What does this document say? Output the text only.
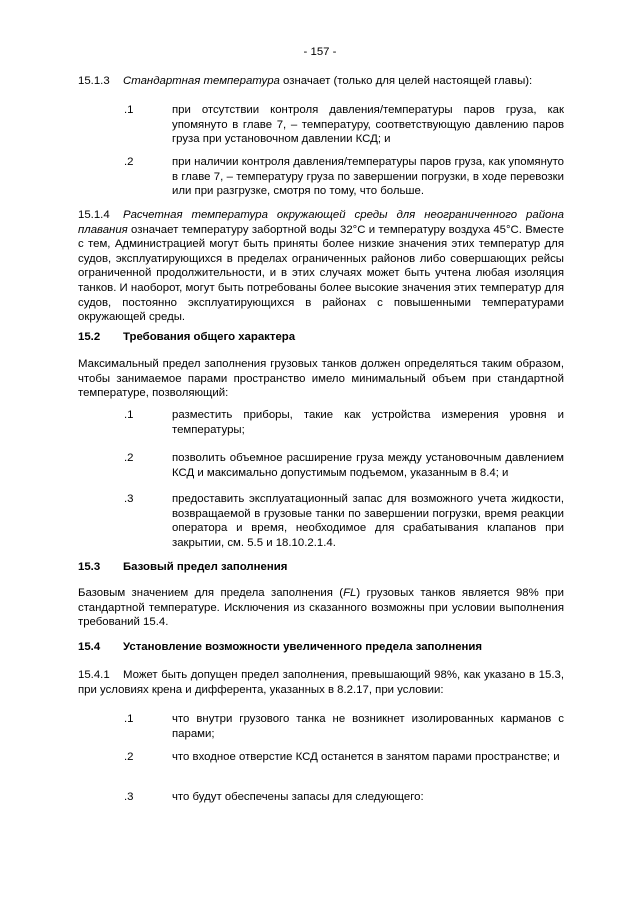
- 157 -
15.1.3 Стандартная температура означает (только для целей настоящей главы):
.1	при отсутствии контроля давления/температуры паров груза, как упомянуто в главе 7, – температуру, соответствующую давлению паров груза при установочном давлении КСД; и
.2	при наличии контроля давления/температуры паров груза, как упомянуто в главе 7, – температуру груза по завершении погрузки, в ходе перевозки или при разгрузке, смотря по тому, что больше.
15.1.4 Расчетная температура окружающей среды для неограниченного района плавания означает температуру забортной воды 32°C и температуру воздуха 45°C. Вместе с тем, Администрацией могут быть приняты более низкие значения этих температур для судов, эксплуатирующихся в пределах ограниченных районов либо совершающих рейсы ограниченной продолжительности, и в этих случаях может быть учтена любая изоляция танков. И наоборот, могут быть потребованы более высокие значения этих температур для судов, постоянно эксплуатирующихся в районах с повышенными температурами окружающей среды.
15.2 Требования общего характера
Максимальный предел заполнения грузовых танков должен определяться таким образом, чтобы занимаемое парами пространство имело минимальный объем при стандартной температуре, позволяющий:
.1	разместить приборы, такие как устройства измерения уровня и температуры;
.2	позволить объемное расширение груза между установочным давлением КСД и максимально допустимым подъемом, указанным в 8.4; и
.3	предоставить эксплуатационный запас для возможного учета жидкости, возвращаемой в грузовые танки по завершении погрузки, время реакции оператора и время, необходимое для срабатывания клапанов при закрытии, см. 5.5 и 18.10.2.1.4.
15.3 Базовый предел заполнения
Базовым значением для предела заполнения (FL) грузовых танков является 98% при стандартной температуре. Исключения из сказанного возможны при условии выполнения требований 15.4.
15.4 Установление возможности увеличенного предела заполнения
15.4.1 Может быть допущен предел заполнения, превышающий 98%, как указано в 15.3, при условиях крена и дифферента, указанных в 8.2.17, при условии:
.1	что внутри грузового танка не возникнет изолированных карманов с парами;
.2	что входное отверстие КСД останется в занятом парами пространстве; и
.3	что будут обеспечены запасы для следующего:
